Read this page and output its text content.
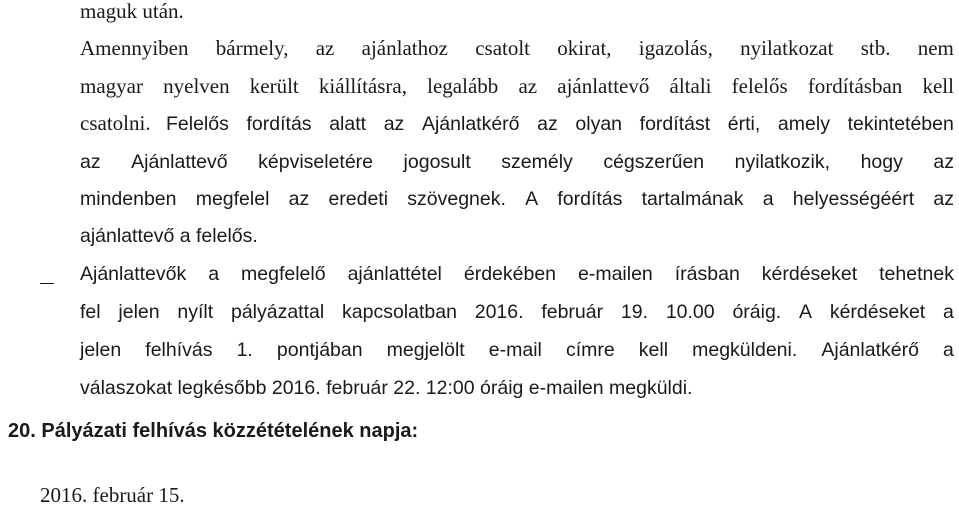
maguk után.
Amennyiben bármely, az ajánlathoz csatolt okirat, igazolás, nyilatkozat stb. nem
magyar nyelven került kiállításra, legalább az ajánlattevő általi felelős fordításban kell
csatolni. Felelős fordítás alatt az Ajánlatkérő az olyan fordítást érti, amely tekintetében
az Ajánlattevő képviseletére jogosult személy cégszerűen nyilatkozik, hogy az
mindenben megfelel az eredeti szövegnek. A fordítás tartalmának a helyességéért az
ajánlattevő a felelős.
Ajánlattevők a megfelelő ajánlattétel érdekében e-mailen írásban kérdéseket tehetnek
fel jelen nyílt pályázattal kapcsolatban 2016. február 19. 10.00 óráig. A kérdéseket a
jelen felhívás 1. pontjában megjelölt e-mail címre kell megküldeni. Ajánlatkérő a
válaszokat legkésőbb 2016. február 22. 12:00 óráig e-mailen megküldi.
20. Pályázati felhívás közzétételének napja:
2016. február 15.
